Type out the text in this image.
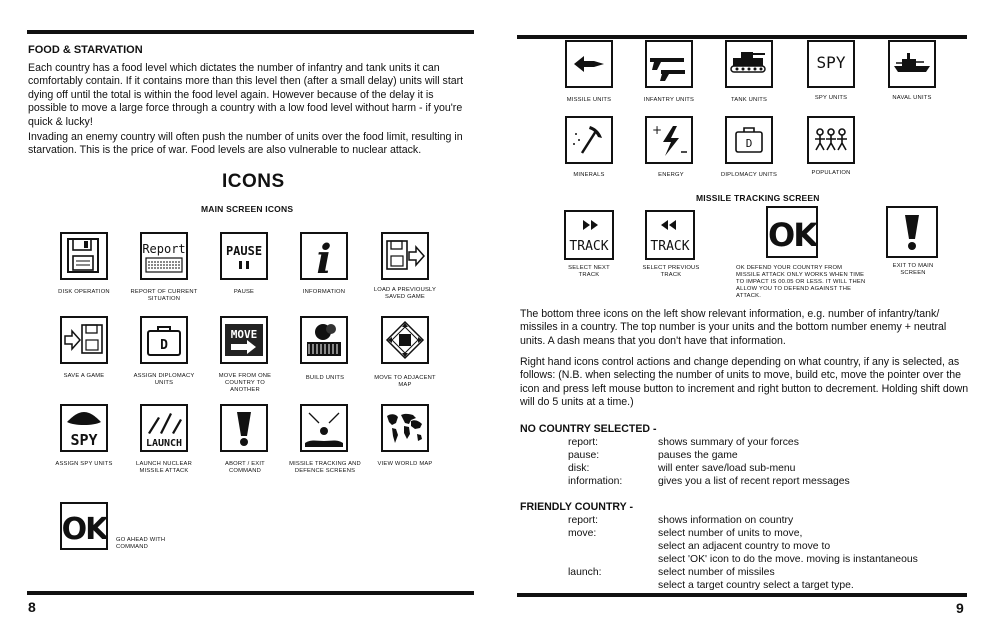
FOOD & STARVATION

Each country has a food level which dictates the number of infantry and tank units it can comfortably contain. If it contains more than this level then (after a small delay) units will start dying off until the total is within the food level again. However because of the delay it is possible to move a large force through a country with a low food level without harm - if you're quick & lucky!

Invading an enemy country will often push the number of units over the food limit, resulting in starvation. This is the price of war. Food levels are also vulnerable to nuclear attack.

ICONS
MAIN SCREEN ICONS
DISK OPERATION
Report
REPORT OF CURRENT SITUATION
PAUSE
PAUSE
i
INFORMATION	LOAD A PREVIOUSLY SAVED GAME
SAVE A GAME
D
ASSIGN DIPLOMACY UNITS
MOVE
MOVE FROM ONE COUNTRY TO ANOTHER
BUILD UNITS	MOVE TO ADJACENT MAP
SPY
ASSIGN SPY UNITS
LAUNCH
LAUNCH NUCLEAR MISSILE ATTACK
ABORT / EXIT COMMAND
MISSILE TRACKING AND DEFENCE SCREENS
VIEW WORLD MAP
OK	GO AHEAD WITH COMMAND
8
MISSILE UNITS	INFANTRY UNITS	TANK UNITS
SPY
SPY UNITS	NAVAL UNITS
MINERALS
+
ENERGY
D
DIPLOMACY UNITS	POPULATION
MISSILE TRACKING SCREEN
TRACK
SELECT NEXT TRACK
TRACK
SELECT PREVIOUS TRACK
OK
OK DEFEND YOUR COUNTRY FROM MISSILE ATTACK ONLY WORKS WHEN TIME TO IMPACT IS 00.05 OR LESS. IT WILL THEN ALLOW YOU TO DEFEND AGAINST THE ATTACK.
EXIT TO MAIN SCREEN

The bottom three icons on the left show relevant information, e.g. number of infantry/tank/ missiles in a country. The top number is your units and the bottom number enemy + neutral units. A dash means that you don't have that information.

Right hand icons control actions and change depending on what country, if any is selected, as follows: (N.B. when selecting the number of units to move, build etc, move the pointer over the icon and press left mouse button to increment and right button to decrement. Holding shift down will do 5 units at a time.)

NO COUNTRY SELECTED -
report:	shows summary of your forces
pause:	pauses the game
disk:	will enter save/load sub-menu
information:	gives you a list of recent report messages
FRIENDLY COUNTRY -
report:	shows information on country
move:	select number of units to move,
select an adjacent country to move to
select 'OK' icon to do the move. moving is instantaneous
launch:	select number of missiles
select a target country select a target type.
9
